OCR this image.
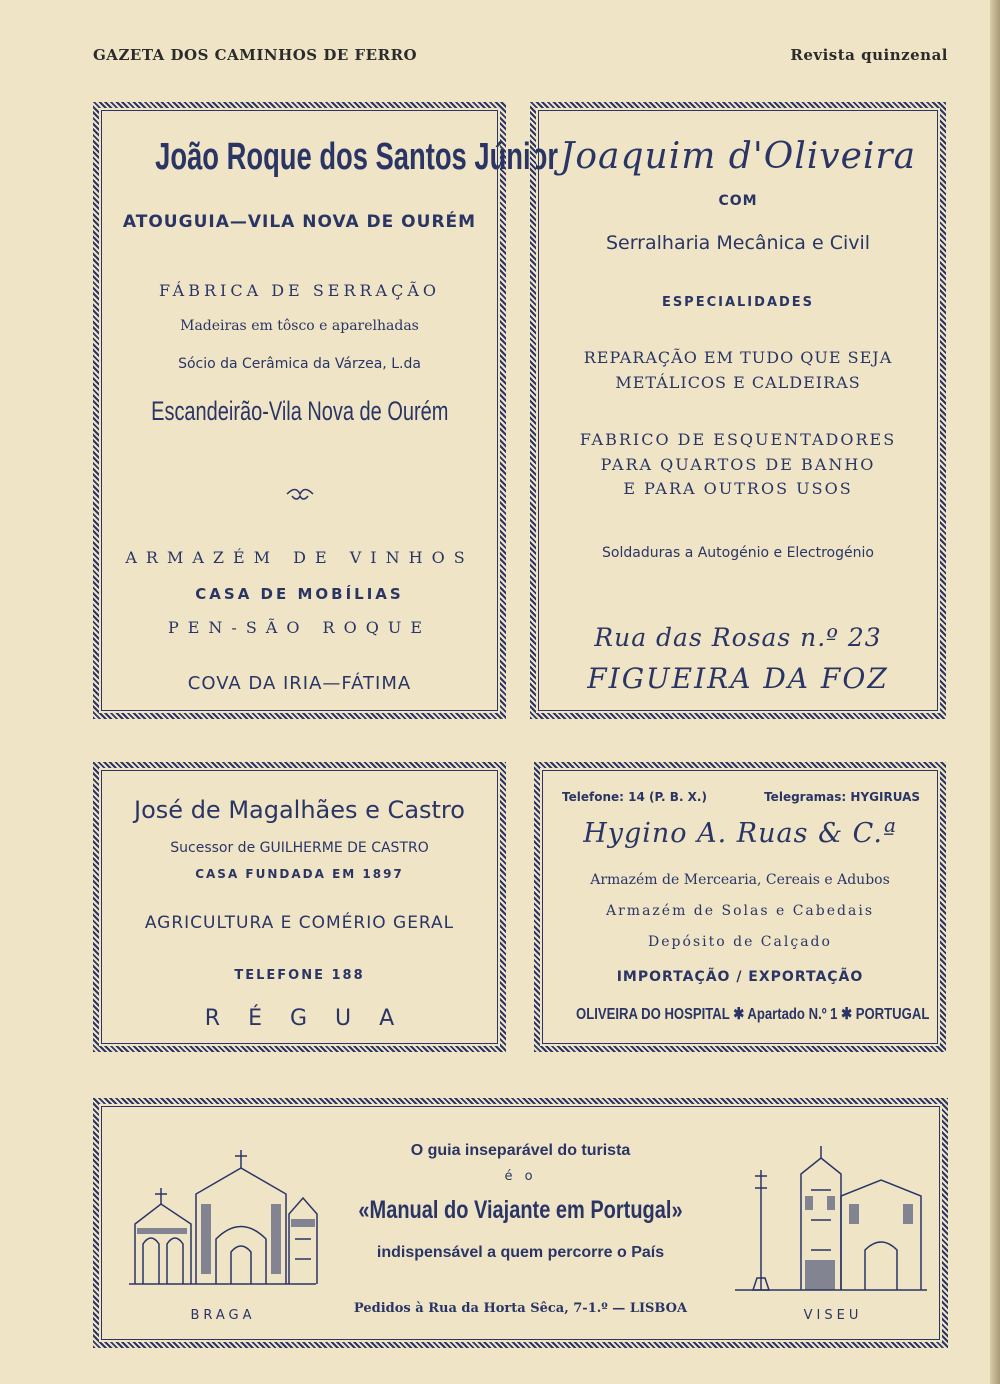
GAZETA DOS CAMINHOS DE FERRO	Revista quinzenal
João Roque dos Santos Júnior
ATOUGUIA—VILA NOVA DE OURÉM
FÁBRICA DE SERRAÇÃO
Madeiras em tôsco e aparelhadas
Sócio da Cerâmica da Várzea, L.da
Escandeirão-Vila Nova de Ourém
ARMAZÉM DE VINHOS
CASA DE MOBÍLIAS
PEN-SÃO ROQUE
COVA DA IRIA—FÁTIMA
Joaquim d'Oliveira
COM
Serralharia Mecânica e Civil
ESPECIALIDADES
REPARAÇÃO EM TUDO QUE SEJA
METÁLICOS E CALDEIRAS
FABRICO DE ESQUENTADORES
PARA QUARTOS DE BANHO
E PARA OUTROS USOS
Soldaduras a Autogénio e Electrogénio
Rua das Rosas n.º 23
FIGUEIRA DA FOZ
José de Magalhães e Castro
Sucessor de GUILHERME DE CASTRO
CASA FUNDADA EM 1897
AGRICULTURA E COMÉRIO GERAL
TELEFONE 188
RÉGUA
Telefone: 14 (P. B. X.)	Telegramas: HYGIRUAS
Hygino A. Ruas & C.ª
Armazém de Mercearia, Cereais e Adubos
Armazém de Solas e Cabedais
Depósito de Calçado
IMPORTAÇÃO / EXPORTAÇÃO
OLIVEIRA DO HOSPITAL ✱ Apartado N.º 1 ✱ PORTUGAL
BRAGA	VISEU
O guia inseparável do turista
é o
«Manual do Viajante em Portugal»
indispensável a quem percorre o País
Pedidos à Rua da Horta Sêca, 7-1.º — LISBOA
